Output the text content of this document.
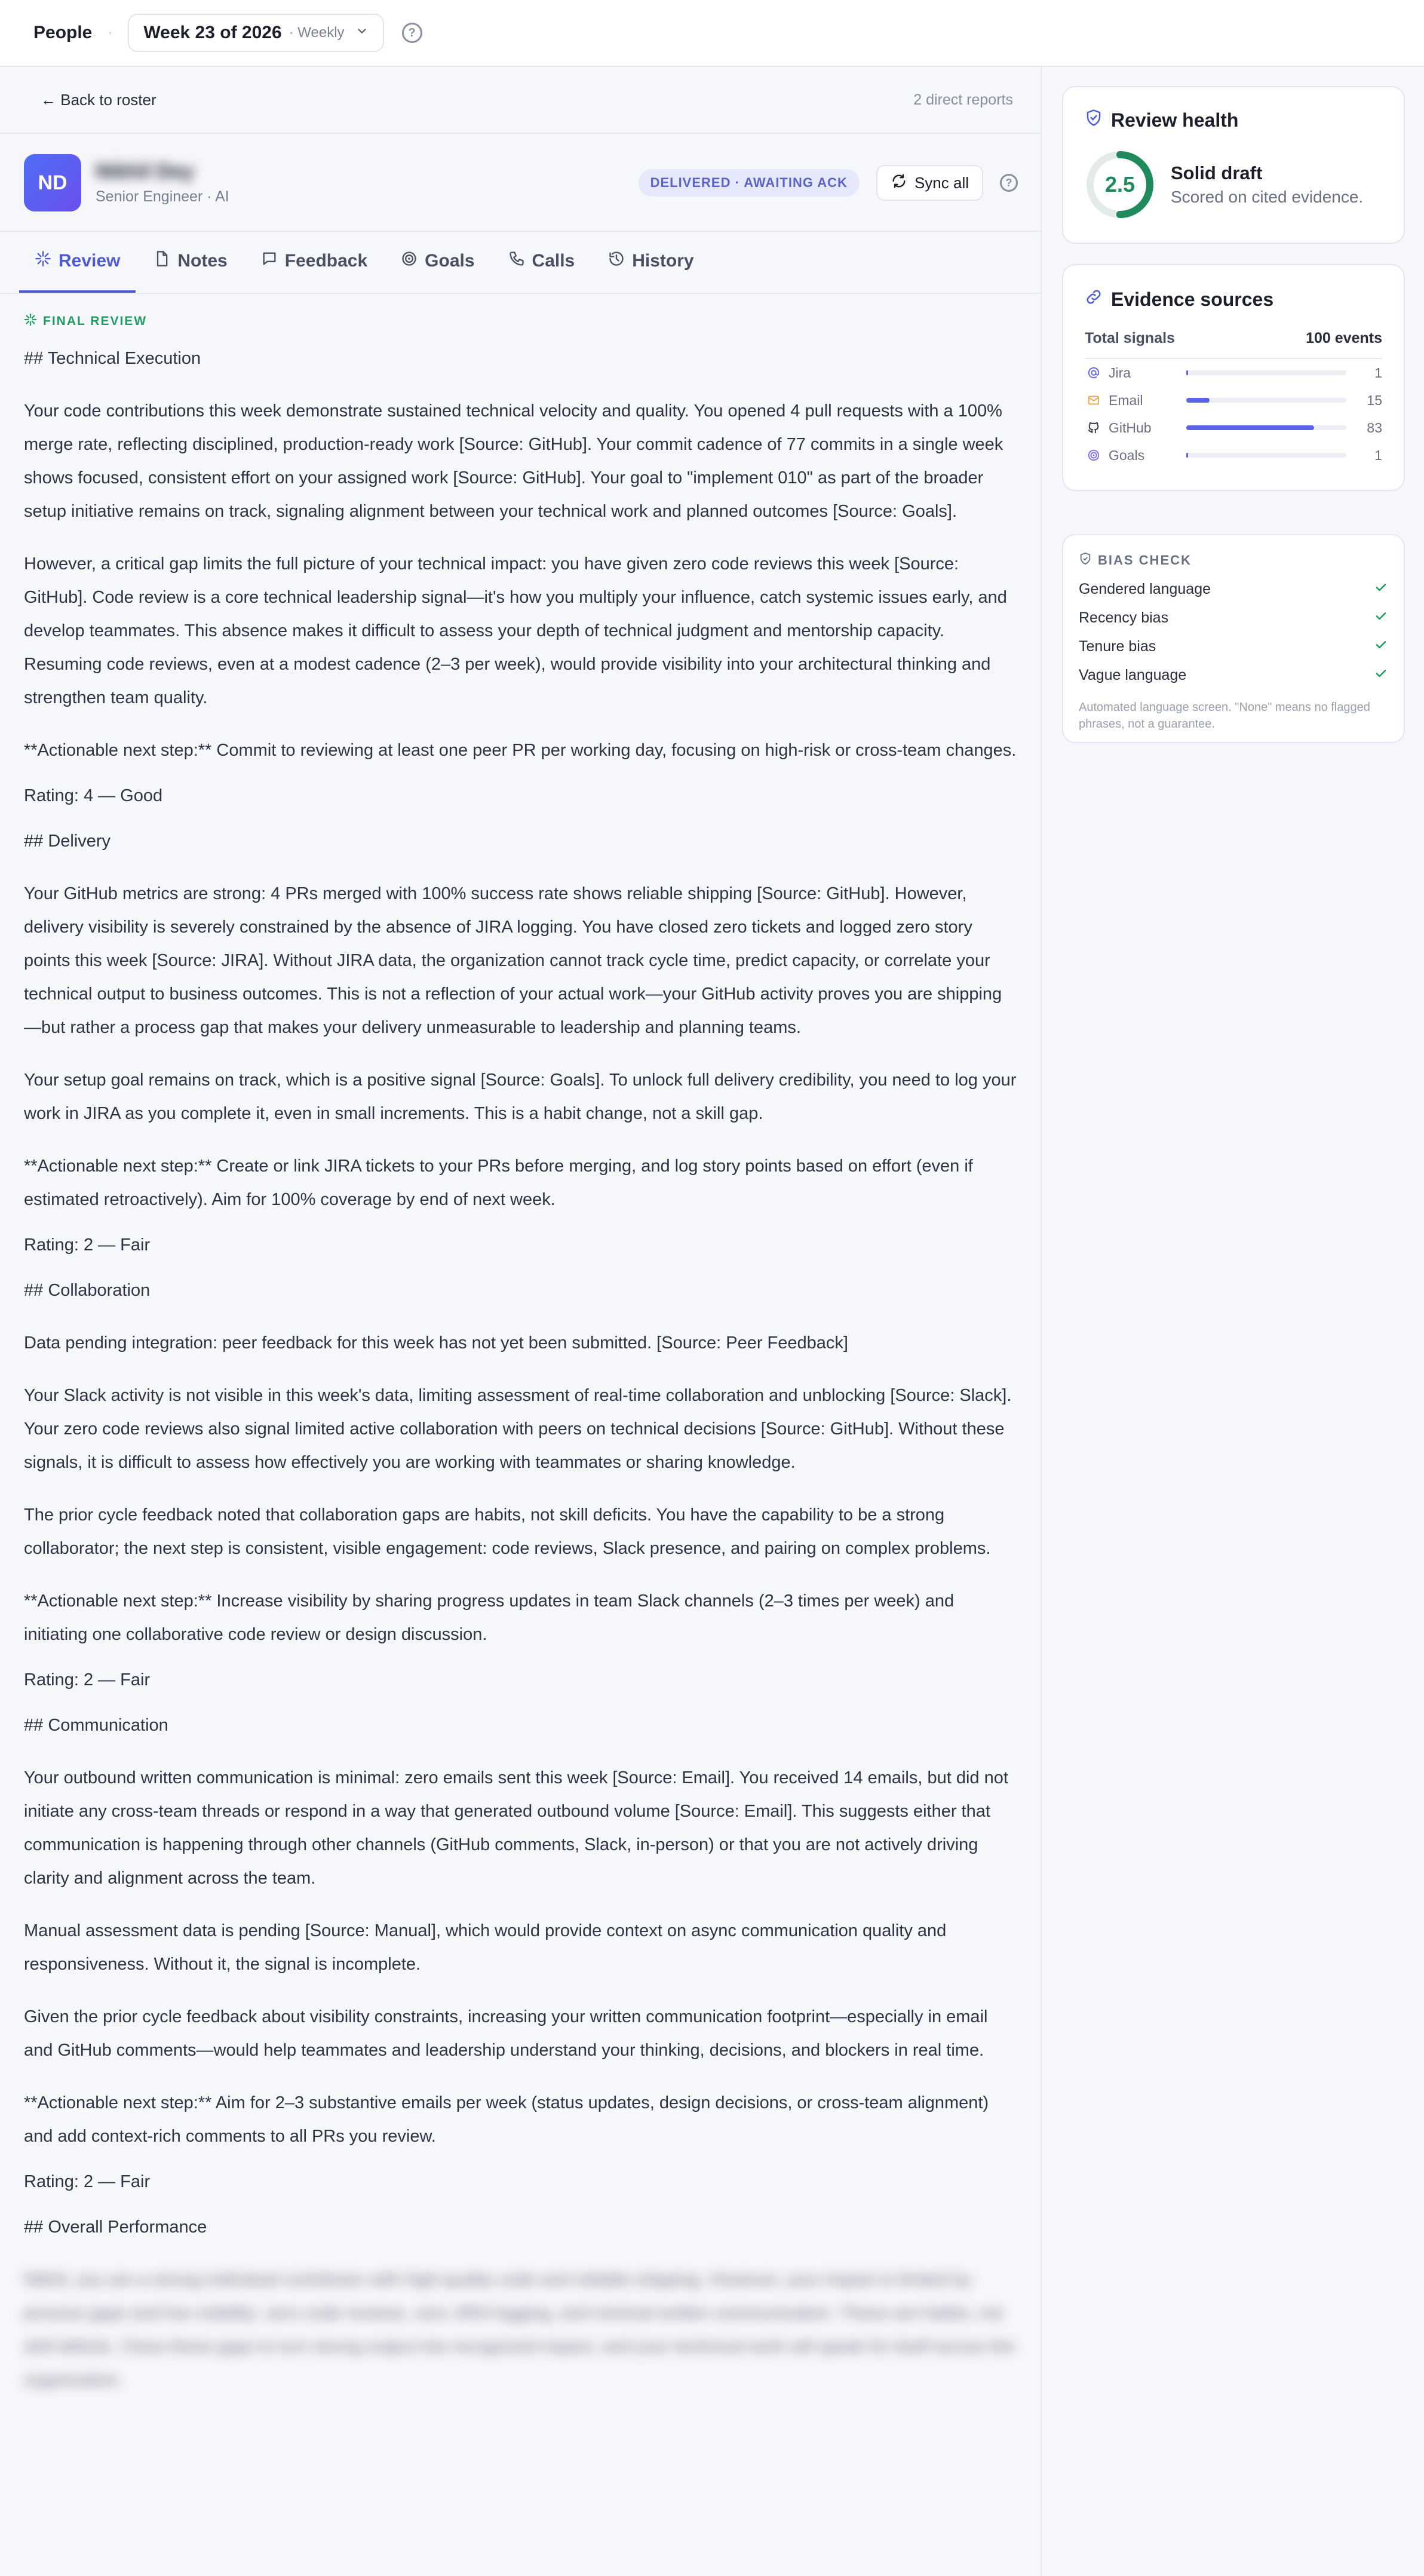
People · Week 23 of 2026 · Weekly	?
← Back to roster	2 direct reports
ND	Nikhil Dey
Senior Engineer · AI
DELIVERED · AWAITING ACK	Sync all	?
Review	Notes	Feedback	Goals	Calls	History
FINAL REVIEW

## Technical Execution

Your code contributions this week demonstrate sustained technical velocity and quality. You opened 4 pull requests with a 100% merge rate, reflecting disciplined, production-ready work [Source: GitHub]. Your commit cadence of 77 commits in a single week shows focused, consistent effort on your assigned work [Source: GitHub]. Your goal to "implement 010" as part of the broader setup initiative remains on track, signaling alignment between your technical work and planned outcomes [Source: Goals].

However, a critical gap limits the full picture of your technical impact: you have given zero code reviews this week [Source: GitHub]. Code review is a core technical leadership signal—it's how you multiply your influence, catch systemic issues early, and develop teammates. This absence makes it difficult to assess your depth of technical judgment and mentorship capacity. Resuming code reviews, even at a modest cadence (2–3 per week), would provide visibility into your architectural thinking and strengthen team quality.

**Actionable next step:** Commit to reviewing at least one peer PR per working day, focusing on high-risk or cross-team changes.

Rating: 4 — Good

## Delivery

Your GitHub metrics are strong: 4 PRs merged with 100% success rate shows reliable shipping [Source: GitHub]. However, delivery visibility is severely constrained by the absence of JIRA logging. You have closed zero tickets and logged zero story points this week [Source: JIRA]. Without JIRA data, the organization cannot track cycle time, predict capacity, or correlate your technical output to business outcomes. This is not a reflection of your actual work—your GitHub activity proves you are shipping—but rather a process gap that makes your delivery unmeasurable to leadership and planning teams.

Your setup goal remains on track, which is a positive signal [Source: Goals]. To unlock full delivery credibility, you need to log your work in JIRA as you complete it, even in small increments. This is a habit change, not a skill gap.

**Actionable next step:** Create or link JIRA tickets to your PRs before merging, and log story points based on effort (even if estimated retroactively). Aim for 100% coverage by end of next week.

Rating: 2 — Fair

## Collaboration

Data pending integration: peer feedback for this week has not yet been submitted. [Source: Peer Feedback]

Your Slack activity is not visible in this week's data, limiting assessment of real-time collaboration and unblocking [Source: Slack]. Your zero code reviews also signal limited active collaboration with peers on technical decisions [Source: GitHub]. Without these signals, it is difficult to assess how effectively you are working with teammates or sharing knowledge.

The prior cycle feedback noted that collaboration gaps are habits, not skill deficits. You have the capability to be a strong collaborator; the next step is consistent, visible engagement: code reviews, Slack presence, and pairing on complex problems.

**Actionable next step:** Increase visibility by sharing progress updates in team Slack channels (2–3 times per week) and initiating one collaborative code review or design discussion.

Rating: 2 — Fair

## Communication

Your outbound written communication is minimal: zero emails sent this week [Source: Email]. You received 14 emails, but did not initiate any cross-team threads or respond in a way that generated outbound volume [Source: Email]. This suggests either that communication is happening through other channels (GitHub comments, Slack, in-person) or that you are not actively driving clarity and alignment across the team.

Manual assessment data is pending [Source: Manual], which would provide context on async communication quality and responsiveness. Without it, the signal is incomplete.

Given the prior cycle feedback about visibility constraints, increasing your written communication footprint—especially in email and GitHub comments—would help teammates and leadership understand your thinking, decisions, and blockers in real time.

**Actionable next step:** Aim for 2–3 substantive emails per week (status updates, design decisions, or cross-team alignment) and add context-rich comments to all PRs you review.

Rating: 2 — Fair

## Overall Performance

Nikhil, you are a strong individual contributor with high-quality code and reliable shipping. However, your impact is limited by process gaps and low visibility: zero code reviews, zero JIRA logging, and minimal written communication. These are habits, not skill deficits. Close these gaps to turn strong output into recognized impact, and your technical work will speak for itself across the organization.

Review health
2.5	Solid draft
Scored on cited evidence.
Evidence sources
Total signals	100 events
Jira	1
Email	15
GitHub	83
Goals	1
BIAS CHECK
Gendered language
Recency bias
Tenure bias
Vague language
Automated language screen. "None" means no flagged phrases, not a guarantee.
